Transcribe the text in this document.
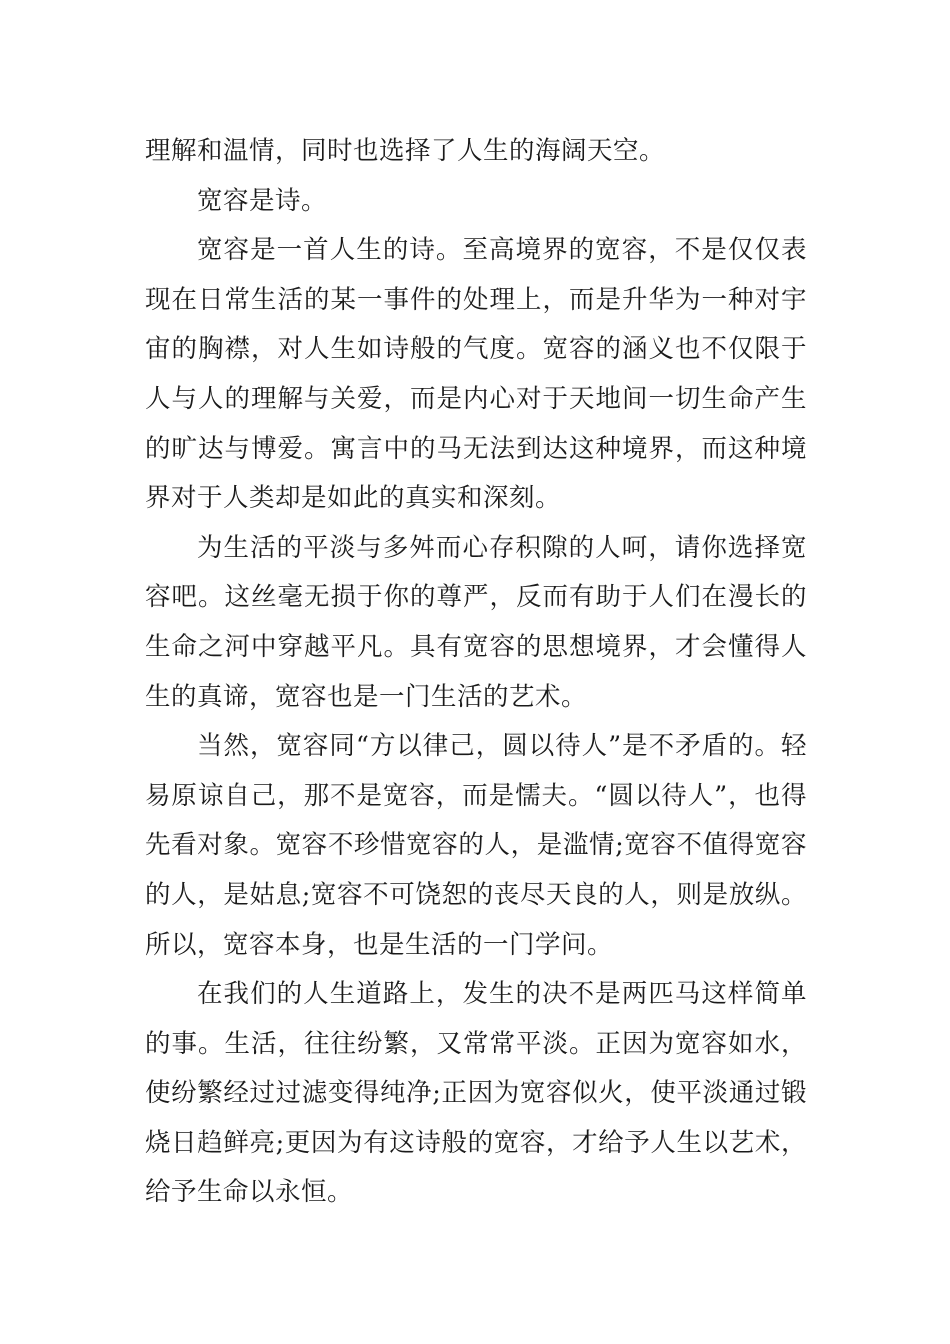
理解和温情，同时也选择了人生的海阔天空。

宽容是诗。

宽容是一首人生的诗。至高境界的宽容，不是仅仅表现在日常生活的某一事件的处理上，而是升华为一种对宇宙的胸襟，对人生如诗般的气度。宽容的涵义也不仅限于人与人的理解与关爱，而是内心对于天地间一切生命产生的旷达与博爱。寓言中的马无法到达这种境界，而这种境界对于人类却是如此的真实和深刻。

为生活的平淡与多舛而心存积隙的人呵，请你选择宽容吧。这丝毫无损于你的尊严，反而有助于人们在漫长的生命之河中穿越平凡。具有宽容的思想境界，才会懂得人生的真谛，宽容也是一门生活的艺术。

当然，宽容同“方以律己，圆以待人”是不矛盾的。轻易原谅自己，那不是宽容，而是懦夫。“圆以待人”，也得先看对象。宽容不珍惜宽容的人，是滥情;宽容不值得宽容的人，是姑息;宽容不可饶恕的丧尽天良的人，则是放纵。所以，宽容本身，也是生活的一门学问。

在我们的人生道路上，发生的决不是两匹马这样简单的事。生活，往往纷繁，又常常平淡。正因为宽容如水，使纷繁经过过滤变得纯净;正因为宽容似火，使平淡通过锻烧日趋鲜亮;更因为有这诗般的宽容，才给予人生以艺术，给予生命以永恒。
